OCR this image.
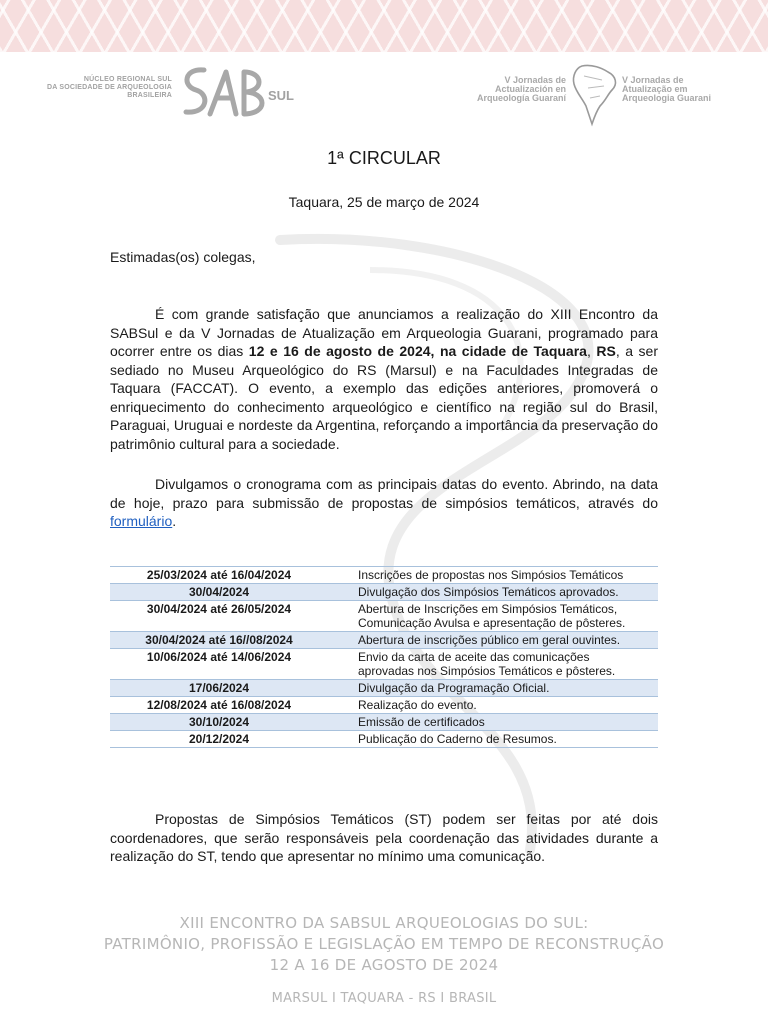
NÚCLEO REGIONAL SUL
DA SOCIEDADE DE ARQUEOLOGIA
BRASILEIRA	SUL
V Jornadas de
Actualización en
Arqueología Guaraní
V Jornadas de
Atualização em
Arqueologia Guarani
1ª CIRCULAR
Taquara, 25 de março de 2024
Estimadas(os) colegas,

É com grande satisfação que anunciamos a realização do XIII Encontro da SABSul e da V Jornadas de Atualização em Arqueologia Guarani, programado para ocorrer entre os dias 12 e 16 de agosto de 2024, na cidade de Taquara, RS, a ser sediado no Museu Arqueológico do RS (Marsul) e na Faculdades Integradas de Taquara (FACCAT). O evento, a exemplo das edições anteriores, promoverá o enriquecimento do conhecimento arqueológico e científico na região sul do Brasil, Paraguai, Uruguai e nordeste da Argentina, reforçando a importância da preservação do patrimônio cultural para a sociedade.

Divulgamos o cronograma com as principais datas do evento. Abrindo, na data de hoje, prazo para submissão de propostas de simpósios temáticos, através do formulário.

25/03/2024 até 16/04/2024	Inscrições de propostas nos Simpósios Temáticos

30/04/2024	Divulgação dos Simpósios Temáticos aprovados.

30/04/2024 até 26/05/2024	Abertura de Inscrições em Simpósios Temáticos,
Comunicação Avulsa e apresentação de pôsteres.

30/04/2024 até 16//08/2024	Abertura de inscrições público em geral ouvintes.

10/06/2024 até 14/06/2024	Envio da carta de aceite das comunicações
aprovadas nos Simpósios Temáticos e pôsteres.

17/06/2024	Divulgação da Programação Oficial.

12/08/2024 até 16/08/2024	Realização do evento.

30/10/2024	Emissão de certificados

20/12/2024	Publicação do Caderno de Resumos.

Propostas de Simpósios Temáticos (ST) podem ser feitas por até dois coordenadores, que serão responsáveis pela coordenação das atividades durante a realização do ST, tendo que apresentar no mínimo uma comunicação.

XIII ENCONTRO DA SABSUL ARQUEOLOGIAS DO SUL:
PATRIMÔNIO, PROFISSÃO E LEGISLAÇÃO EM TEMPO DE RECONSTRUÇÃO
12 A 16 DE AGOSTO DE 2024
MARSUL I TAQUARA - RS I BRASIL
